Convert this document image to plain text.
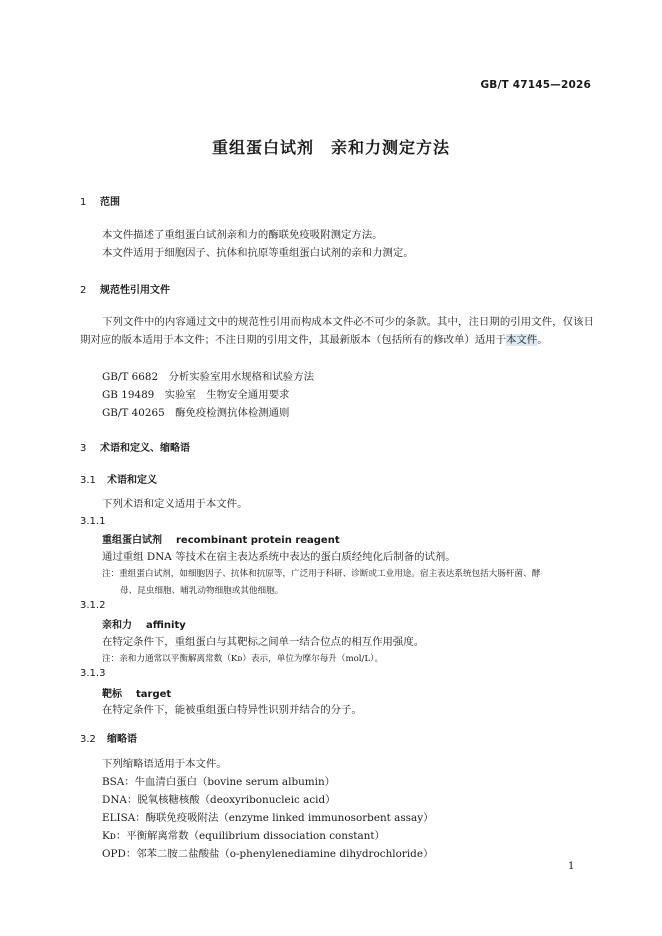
GB/T 47145—2026
重组蛋白试剂　亲和力测定方法
1 范围
本文件描述了重组蛋白试剂亲和力的酶联免疫吸附测定方法。
本文件适用于细胞因子、抗体和抗原等重组蛋白试剂的亲和力测定。
2 规范性引用文件
下列文件中的内容通过文中的规范性引用而构成本文件必不可少的条款。其中，注日期的引用文件，仅该日期对应的版本适用于本文件；不注日期的引用文件，其最新版本（包括所有的修改单）适用于本文件。
GB/T 6682　分析实验室用水规格和试验方法
GB 19489　实验室　生物安全通用要求
GB/T 40265　酶免疫检测抗体检测通则
3 术语和定义、缩略语
3.1 术语和定义
下列术语和定义适用于本文件。
3.1.1
重组蛋白试剂 recombinant protein reagent
通过重组 DNA 等技术在宿主表达系统中表达的蛋白质经纯化后制备的试剂。
注：重组蛋白试剂，如细胞因子、抗体和抗原等，广泛用于科研、诊断或工业用途。宿主表达系统包括大肠杆菌、酵
母、昆虫细胞、哺乳动物细胞或其他细胞。
3.1.2
亲和力 affinity
在特定条件下，重组蛋白与其靶标之间单一结合位点的相互作用强度。
注：亲和力通常以平衡解离常数（Kᴅ）表示，单位为摩尔每升（mol/L）。
3.1.3
靶标 target
在特定条件下，能被重组蛋白特异性识别并结合的分子。
3.2 缩略语
下列缩略语适用于本文件。
BSA：牛血清白蛋白（bovine serum albumin）
DNA：脱氧核糖核酸（deoxyribonucleic acid）
ELISA：酶联免疫吸附法（enzyme linked immunosorbent assay）
Kᴅ：平衡解离常数（equilibrium dissociation constant）
OPD：邻苯二胺二盐酸盐（o-phenylenediamine dihydrochloride）
1
